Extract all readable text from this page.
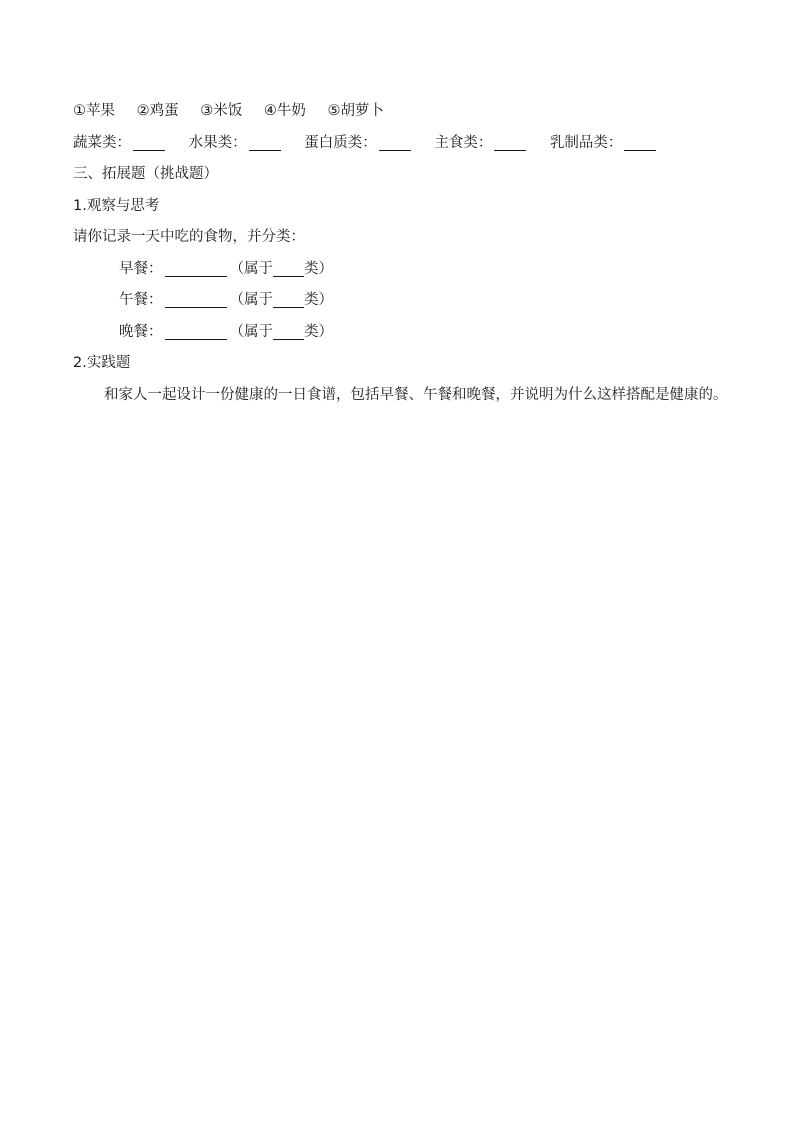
①苹果 ②鸡蛋 ③米饭 ④牛奶 ⑤胡萝卜
蔬菜类：	水果类：	蛋白质类：	主食类：	乳制品类：
三、拓展题（挑战题）
1.观察与思考
请你记录一天中吃的食物，并分类：
早餐：	（属于 类）
午餐：	（属于 类）
晚餐：	（属于 类）
2.实践题

和家人一起设计一份健康的一日食谱，包括早餐、午餐和晚餐，并说明为什么这样搭配是健康的。
